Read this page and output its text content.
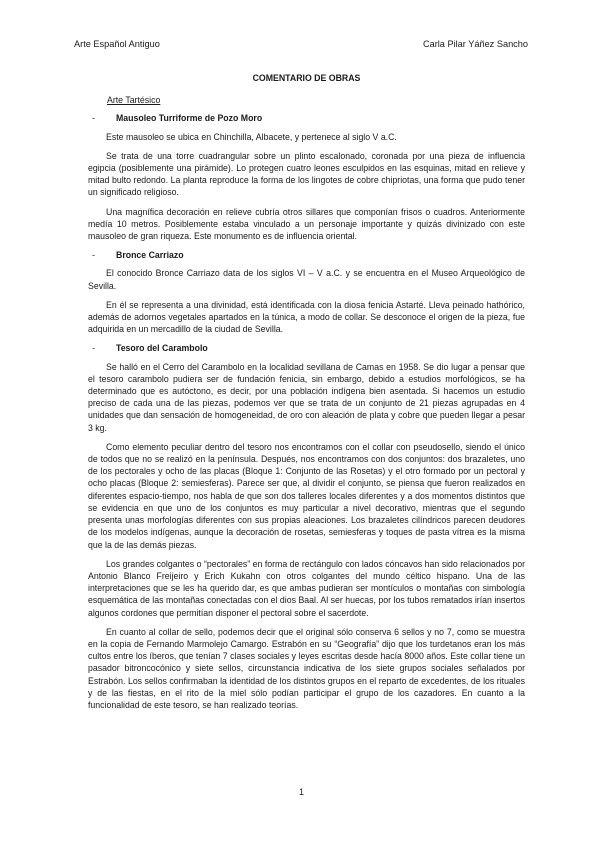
Arte Español Antiguo	Carla Pilar Yáñez Sancho
COMENTARIO DE OBRAS
Arte Tartésico
-	Mausoleo Turriforme de Pozo Moro

Este mausoleo se ubica en Chinchilla, Albacete, y pertenece al siglo V a.C.

Se trata de una torre cuadrangular sobre un plinto escalonado, coronada por una pieza de influencia egipcia (posiblemente una pirámide). Lo protegen cuatro leones esculpidos en las esquinas, mitad en relieve y mitad bulto redondo. La planta reproduce la forma de los lingotes de cobre chipriotas, una forma que pudo tener un significado religioso.

Una magnífica decoración en relieve cubría otros sillares que componían frisos o cuadros. Anteriormente medía 10 metros. Posiblemente estaba vinculado a un personaje importante y quizás divinizado con este mausoleo de gran riqueza. Este monumento es de influencia oriental.

-	Bronce Carriazo

El conocido Bronce Carriazo data de los siglos VI – V a.C. y se encuentra en el Museo Arqueológico de Sevilla.

En él se representa a una divinidad, está identificada con la diosa fenicia Astarté. Lleva peinado hathórico, además de adornos vegetales apartados en la túnica, a modo de collar. Se desconoce el origen de la pieza, fue adquirida en un mercadillo de la ciudad de Sevilla.

-	Tesoro del Carambolo

Se halló en el Cerro del Carambolo en la localidad sevillana de Camas en 1958. Se dio lugar a pensar que el tesoro carambolo pudiera ser de fundación fenicia, sin embargo, debido a estudios morfológicos, se ha determinado que es autóctono, es decir, por una población indígena bien asentada. Si hacemos un estudio preciso de cada una de las piezas, podemos ver que se trata de un conjunto de 21 piezas agrupadas en 4 unidades que dan sensación de homogeneidad, de oro con aleación de plata y cobre que pueden llegar a pesar 3 kg.

Como elemento peculiar dentro del tesoro nos encontramos con el collar con pseudosello, siendo el único de todos que no se realizó en la península. Después, nos encontramos con dos conjuntos: dos brazaletes, uno de los pectorales y ocho de las placas (Bloque 1: Conjunto de las Rosetas) y el otro formado por un pectoral y ocho placas (Bloque 2: semiesferas). Parece ser que, al dividir el conjunto, se piensa que fueron realizados en diferentes espacio-tiempo, nos habla de que son dos talleres locales diferentes y a dos momentos distintos que se evidencia en que uno de los conjuntos es muy particular a nivel decorativo, mientras que el segundo presenta unas morfologías diferentes con sus propias aleaciones. Los brazaletes cilíndricos parecen deudores de los modelos indígenas, aunque la decoración de rosetas, semiesferas y toques de pasta vítrea es la misma que la de las demás piezas.

Los grandes colgantes o “pectorales” en forma de rectángulo con lados cóncavos han sido relacionados por Antonio Blanco Freijeiro y Erich Kukahn con otros colgantes del mundo céltico hispano. Una de las interpretaciones que se les ha querido dar, es que ambas pudieran ser montículos o montañas con simbología esquemática de las montañas conectadas con el dios Baal. Al ser huecas, por los tubos rematados irían insertos algunos cordones que permitían disponer el pectoral sobre el sacerdote.

En cuanto al collar de sello, podemos decir que el original sólo conserva 6 sellos y no 7, como se muestra en la copia de Fernando Marmolejo Camargo. Estrabón en su “Geografía” dijo que los turdetanos eran los más cultos entre los íberos, que tenían 7 clases sociales y leyes escritas desde hacía 8000 años. Este collar tiene un pasador bitroncocónico y siete sellos, circunstancia indicativa de los siete grupos sociales señalados por Estrabón. Los sellos confirmaban la identidad de los distintos grupos en el reparto de excedentes, de los rituales y de las fiestas, en el rito de la miel sólo podían participar el grupo de los cazadores. En cuanto a la funcionalidad de este tesoro, se han realizado teorías.

1
